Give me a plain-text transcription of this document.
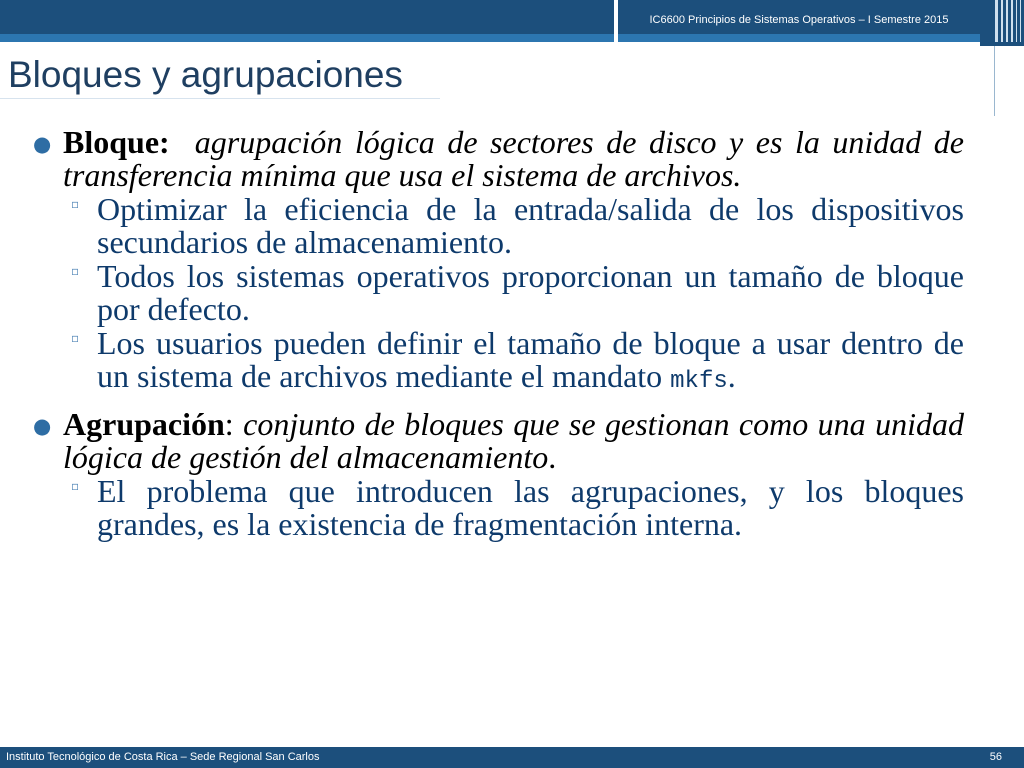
IC6600 Principios de Sistemas Operativos – I Semestre 2015
Bloques y agrupaciones

● Bloque: agrupación lógica de sectores de disco y es la unidad de transferencia mínima que usa el sistema de archivos.

▫ Optimizar la eficiencia de la entrada/salida de los dispositivos secundarios de almacenamiento.

▫ Todos los sistemas operativos proporcionan un tamaño de bloque por defecto.

▫ Los usuarios pueden definir el tamaño de bloque a usar dentro de un sistema de archivos mediante el mandato mkfs.

● Agrupación: conjunto de bloques que se gestionan como una unidad lógica de gestión del almacenamiento.

▫ El problema que introducen las agrupaciones, y los bloques grandes, es la existencia de fragmentación interna.

Instituto Tecnológico de Costa Rica – Sede Regional San Carlos	56
